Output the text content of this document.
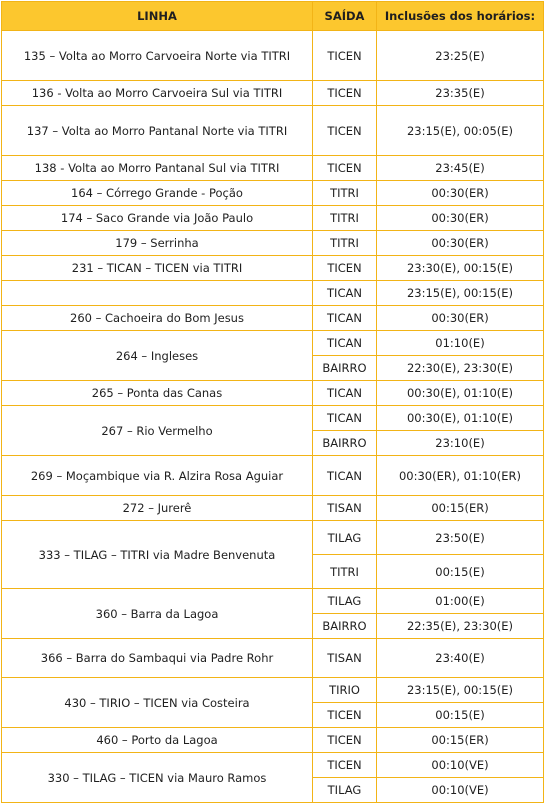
LINHA	SAÍDA	Inclusões dos horários:
135 – Volta ao Morro Carvoeira Norte via TITRI	TICEN	23:25(E)
136 - Volta ao Morro Carvoeira Sul via TITRI	TICEN	23:35(E)
137 – Volta ao Morro Pantanal Norte via TITRI	TICEN	23:15(E), 00:05(E)
138 - Volta ao Morro Pantanal Sul via TITRI	TICEN	23:45(E)
164 – Córrego Grande - Poção	TITRI	00:30(ER)
174 – Saco Grande via João Paulo	TITRI	00:30(ER)
179 – Serrinha	TITRI	00:30(ER)
231 – TICAN – TICEN via TITRI	TICEN	23:30(E), 00:15(E)
	TICAN	23:15(E), 00:15(E)
260 – Cachoeira do Bom Jesus	TICAN	00:30(ER)
264 – Ingleses	TICAN	01:10(E)
	BAIRRO	22:30(E), 23:30(E)
265 – Ponta das Canas	TICAN	00:30(E), 01:10(E)
267 – Rio Vermelho	TICAN	00:30(E), 01:10(E)
	BAIRRO	23:10(E)
269 – Moçambique via R. Alzira Rosa Aguiar	TICAN	00:30(ER), 01:10(ER)
272 – Jurerê	TISAN	00:15(ER)
333 – TILAG – TITRI via Madre Benvenuta	TILAG	23:50(E)
	TITRI	00:15(E)
360 – Barra da Lagoa	TILAG	01:00(E)
	BAIRRO	22:35(E), 23:30(E)
366 – Barra do Sambaqui via Padre Rohr	TISAN	23:40(E)
430 – TIRIO – TICEN via Costeira	TIRIO	23:15(E), 00:15(E)
	TICEN	00:15(E)
460 – Porto da Lagoa	TICEN	00:15(ER)
330 – TILAG – TICEN via Mauro Ramos	TICEN	00:10(VE)
	TILAG	00:10(VE)
